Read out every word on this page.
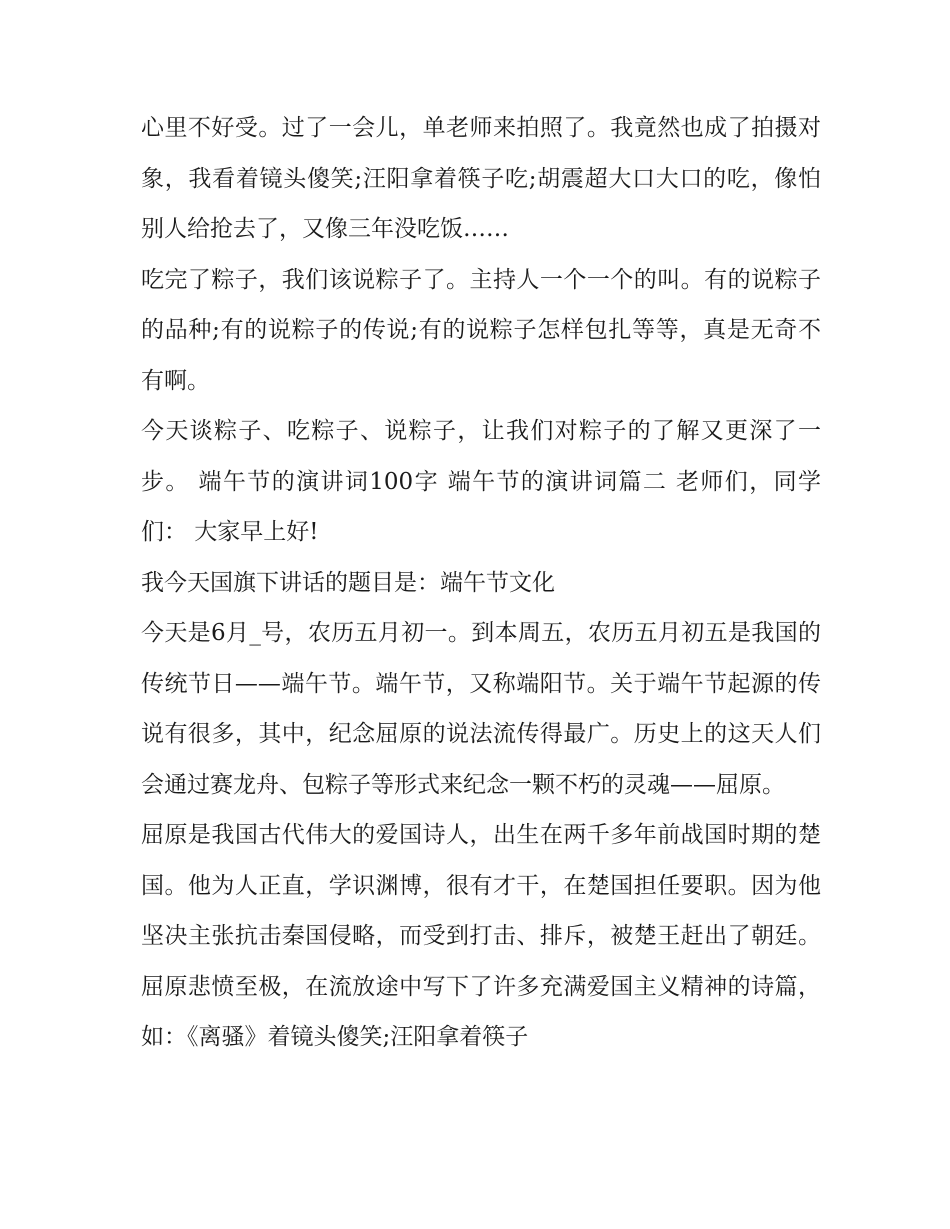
心里不好受。过了一会儿，单老师来拍照了。我竟然也成了拍摄对象，我看着镜头傻笑;汪阳拿着筷子吃;胡震超大口大口的吃，像怕别人给抢去了，又像三年没吃饭……

吃完了粽子，我们该说粽子了。主持人一个一个的叫。有的说粽子的品种;有的说粽子的传说;有的说粽子怎样包扎等等，真是无奇不有啊。

今天谈粽子、吃粽子、说粽子，让我们对粽子的了解又更深了一步。 端午节的演讲词100字 端午节的演讲词篇二 老师们，同学们： 大家早上好!

我今天国旗下讲话的题目是：端午节文化

今天是6月_号，农历五月初一。到本周五，农历五月初五是我国的传统节日——端午节。端午节，又称端阳节。关于端午节起源的传说有很多，其中，纪念屈原的说法流传得最广。历史上的这天人们会通过赛龙舟、包粽子等形式来纪念一颗不朽的灵魂——屈原。

屈原是我国古代伟大的爱国诗人，出生在两千多年前战国时期的楚国。他为人正直，学识渊博，很有才干，在楚国担任要职。因为他坚决主张抗击秦国侵略，而受到打击、排斥，被楚王赶出了朝廷。屈原悲愤至极，在流放途中写下了许多充满爱国主义精神的诗篇，如：《离骚》着镜头傻笑;汪阳拿着筷子
